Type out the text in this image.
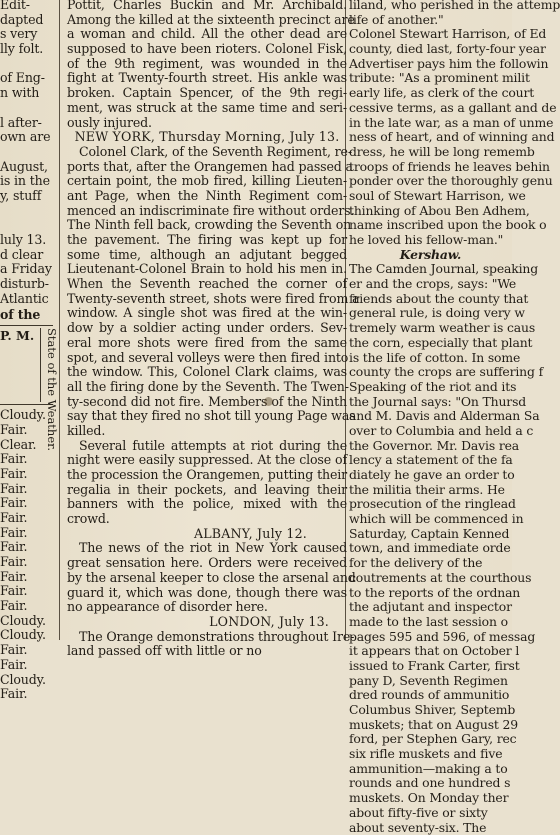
Edit-
dapted
s very
lly folt.
of Eng-
n with
l after-
own are
August,
is in the
y, stuff
luly 13.
d clear
a Friday
disturb-
Atlantic
of the
P. M. State of the Weather.
Cloudy.
Fair.
Clear.
Fair.
Fair.
Fair.
Fair.
Fair.
Fair.
Fair.
Fair.
Fair.
Fair.
Fair.
Cloudy.
Cloudy.
Fair.
Fair.
Cloudy.
Fair.
Pottit, Charles Buckin and Mr. Archibald.
Among the killed at the sixteenth precinct are
a woman and child. All the other dead are
supposed to have been rioters. Colonel Fisk,
of the 9th regiment, was wounded in the
fight at Twenty-fourth street. His ankle was
broken. Captain Spencer, of the 9th regi-
ment, was struck at the same time and seri-
ously injured.
NEW YORK, Thursday Morning, July 13.
Colonel Clark, of the Seventh Regiment, re-
ports that, after the Orangemen had passed a
certain point, the mob fired, killing Lieuten-
ant Page, when the Ninth Regiment com-
menced an indiscriminate fire without orders.
The Ninth fell back, crowding the Seventh on
the pavement. The firing was kept up for
some time, although an adjutant begged
Lieutenant-Colonel Brain to hold his men in.
When the Seventh reached the corner of
Twenty-seventh street, shots were fired from a
window. A single shot was fired at the win-
dow by a soldier acting under orders. Sev-
eral more shots were fired from the same
spot, and several volleys were then fired into
the window. This, Colonel Clark claims, was
all the firing done by the Seventh. The Twen-
ty-second did not fire. Members of the Ninth
say that they fired no shot till young Page was
killed.
Several futile attempts at riot during the
night were easily suppressed. At the close of
the procession the Orangemen, putting their
regalia in their pockets, and leaving their
banners with the police, mixed with the
crowd.
ALBANY, July 12.
The news of the riot in New York caused
great sensation here. Orders were received
by the arsenal keeper to close the arsenal and
guard it, which was done, though there was
no appearance of disorder here.
LONDON, July 13.
The Orange demonstrations throughout Ire-
land passed off with little or no
liland, who perished in the attemp
life of another."
Colonel Stewart Harrison, of Ed
county, died last, forty-four year
Advertiser pays him the followin
tribute: "As a prominent milit
early life, as clerk of the court
cessive terms, as a gallant and de
in the late war, as a man of unme
ness of heart, and of winning and
dress, he will be long rememb
troops of friends he leaves behin
ponder over the thoroughly genu
soul of Stewart Harrison, we
thinking of Abou Ben Adhem,
name inscribed upon the book o
he loved his fellow-man."
Kershaw.
The Camden Journal, speaking
er and the crops, says: "We
friends about the county that
general rule, is doing very w
tremely warm weather is caus
the corn, especially that plant
is the life of cotton. In some
county the crops are suffering f
Speaking of the riot and its
the Journal says: "On Thursd
and M. Davis and Alderman Sa
over to Columbia and held a c
the Governor. Mr. Davis rea
lency a statement of the fa
diately he gave an order to
the militia their arms. He
prosecution of the ringlead
which will be commenced in
Saturday, Captain Kenned
town, and immediate orde
for the delivery of the
coutrements at the courthous
to the reports of the ordnan
the adjutant and inspector
made to the last session o
pages 595 and 596, of messag
it appears that on October l
issued to Frank Carter, first
pany D, Seventh Regimen
dred rounds of ammunitio
Columbus Shiver, Septemb
muskets; that on August 29
ford, per Stephen Gary, rec
six rifle muskets and five
ammunition—making a to
rounds and one hundred s
muskets. On Monday ther
about fifty-five or sixty
about seventy-six. The
